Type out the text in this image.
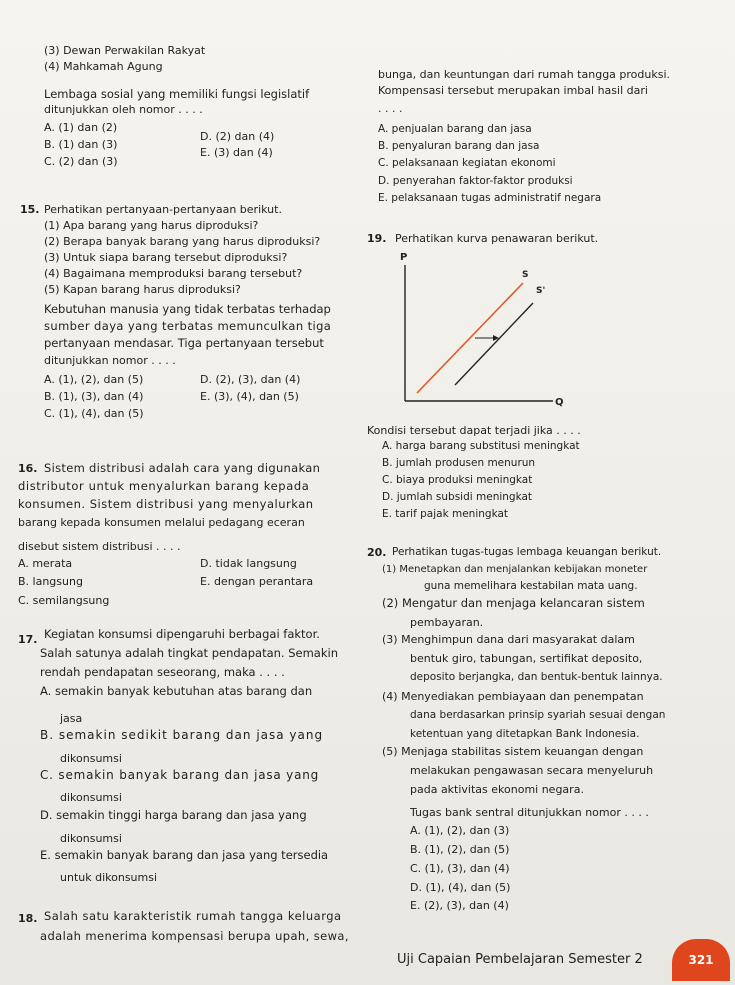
(3) Dewan Perwakilan Rakyat
(4) Mahkamah Agung
Lembaga sosial yang memiliki fungsi legislatif
ditunjukkan oleh nomor . . . .
A. (1) dan (2)
D. (2) dan (4)
B. (1) dan (3)
E. (3) dan (4)
C. (2) dan (3)
15. Perhatikan pertanyaan-pertanyaan berikut.
(1) Apa barang yang harus diproduksi?
(2) Berapa banyak barang yang harus diproduksi?
(3) Untuk siapa barang tersebut diproduksi?
(4) Bagaimana memproduksi barang tersebut?
(5) Kapan barang harus diproduksi?
Kebutuhan manusia yang tidak terbatas terhadap
sumber daya yang terbatas memunculkan tiga
pertanyaan mendasar. Tiga pertanyaan tersebut
ditunjukkan nomor . . . .
A. (1), (2), dan (5)	D. (2), (3), dan (4)
B. (1), (3), dan (4)	E. (3), (4), dan (5)
C. (1), (4), dan (5)
16. Sistem distribusi adalah cara yang digunakan
distributor untuk menyalurkan barang kepada
konsumen. Sistem distribusi yang menyalurkan
barang kepada konsumen melalui pedagang eceran
disebut sistem distribusi . . . .
A. merata	D. tidak langsung
B. langsung	E. dengan perantara
C. semilangsung
17. Kegiatan konsumsi dipengaruhi berbagai faktor.
Salah satunya adalah tingkat pendapatan. Semakin
rendah pendapatan seseorang, maka . . . .
A. semakin banyak kebutuhan atas barang dan
jasa
B. semakin sedikit barang dan jasa yang
dikonsumsi
C. semakin banyak barang dan jasa yang
dikonsumsi
D. semakin tinggi harga barang dan jasa yang
dikonsumsi
E. semakin banyak barang dan jasa yang tersedia
untuk dikonsumsi
18. Salah satu karakteristik rumah tangga keluarga
adalah menerima kompensasi berupa upah, sewa,
bunga, dan keuntungan dari rumah tangga produksi.
Kompensasi tersebut merupakan imbal hasil dari
. . . .
A. penjualan barang dan jasa
B. penyaluran barang dan jasa
C. pelaksanaan kegiatan ekonomi
D. penyerahan faktor-faktor produksi
E. pelaksanaan tugas administratif negara
19. Perhatikan kurva penawaran berikut.
P
Q
S
S'
Kondisi tersebut dapat terjadi jika . . . .
A. harga barang substitusi meningkat
B. jumlah produsen menurun
C. biaya produksi meningkat
D. jumlah subsidi meningkat
E. tarif pajak meningkat
20. Perhatikan tugas-tugas lembaga keuangan berikut.
(1) Menetapkan dan menjalankan kebijakan moneter
guna memelihara kestabilan mata uang.
(2) Mengatur dan menjaga kelancaran sistem
pembayaran.
(3) Menghimpun dana dari masyarakat dalam
bentuk giro, tabungan, sertifikat deposito,
deposito berjangka, dan bentuk-bentuk lainnya.
(4) Menyediakan pembiayaan dan penempatan
dana berdasarkan prinsip syariah sesuai dengan
ketentuan yang ditetapkan Bank Indonesia.
(5) Menjaga stabilitas sistem keuangan dengan
melakukan pengawasan secara menyeluruh
pada aktivitas ekonomi negara.
Tugas bank sentral ditunjukkan nomor . . . .
A. (1), (2), dan (3)
B. (1), (2), dan (5)
C. (1), (3), dan (4)
D. (1), (4), dan (5)
E. (2), (3), dan (4)
Uji Capaian Pembelajaran Semester 2	321
